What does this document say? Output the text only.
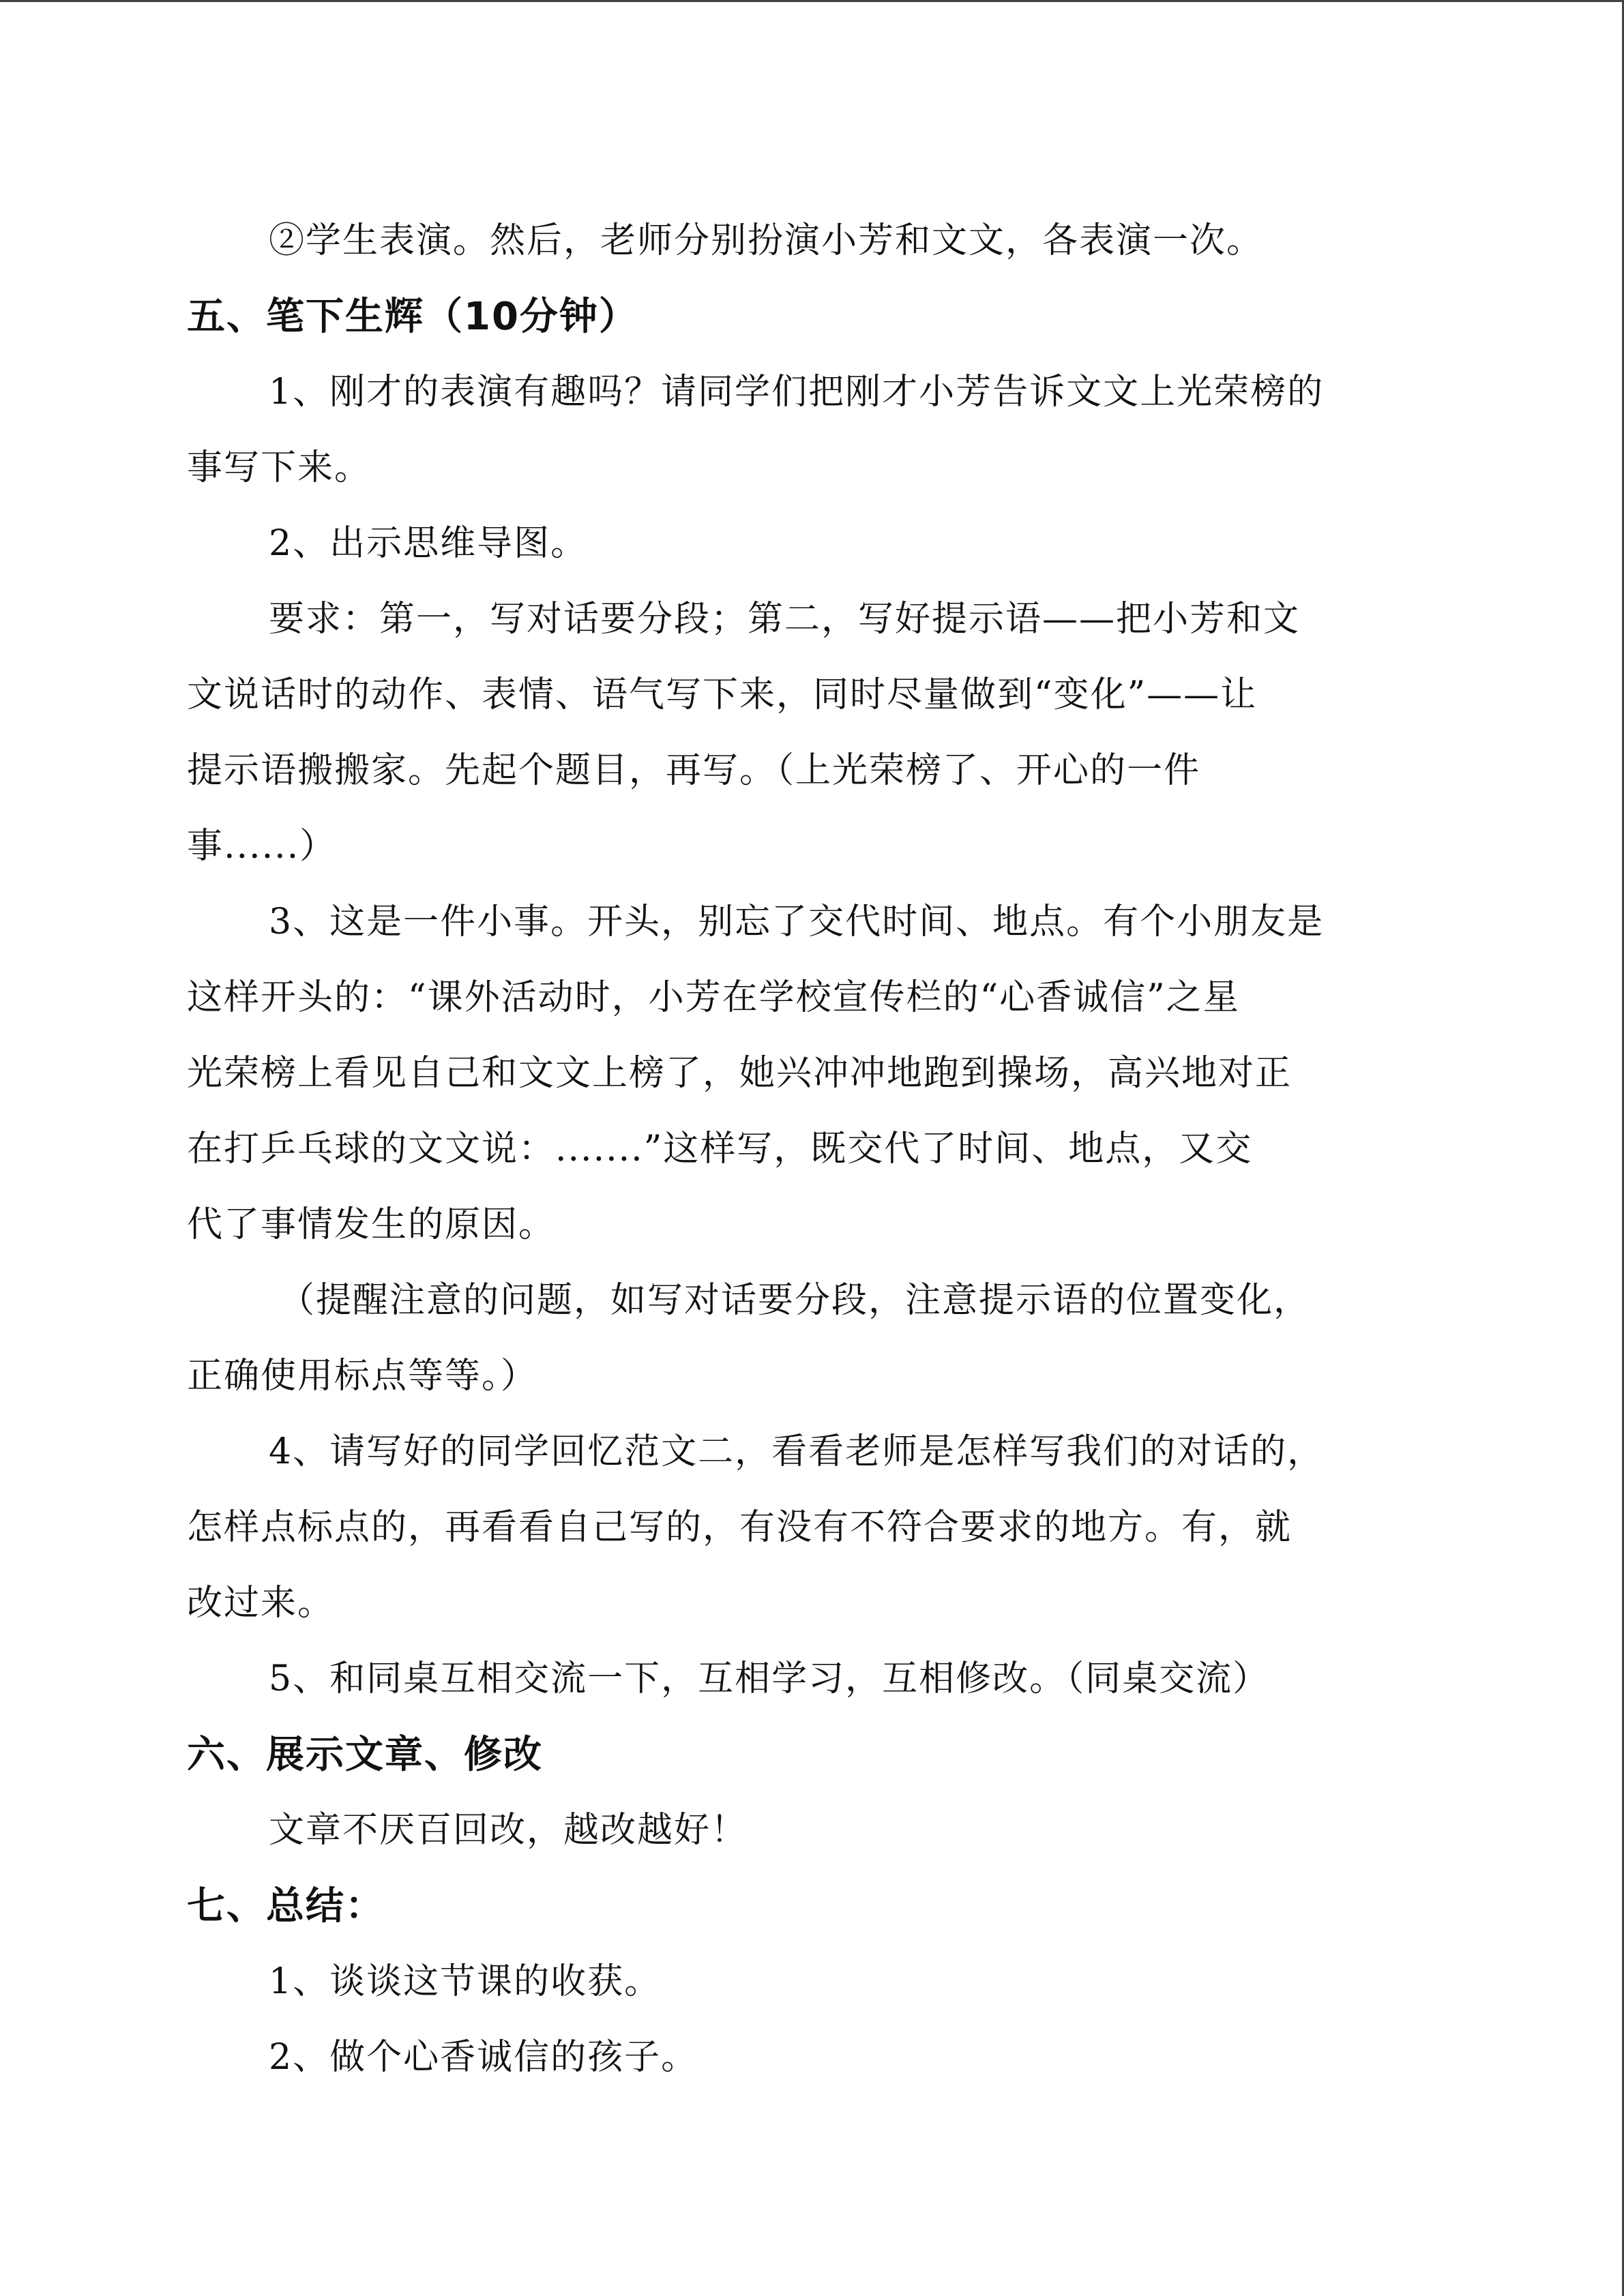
②学生表演。然后，老师分别扮演小芳和文文，各表演一次。

五、笔下生辉（10分钟）

1、刚才的表演有趣吗？请同学们把刚才小芳告诉文文上光荣榜的

事写下来。

2、出示思维导图。

要求：第一，写对话要分段；第二，写好提示语——把小芳和文

文说话时的动作、表情、语气写下来，同时尽量做到“变化”——让

提示语搬搬家。先起个题目，再写。（上光荣榜了、开心的一件

事......）

3、这是一件小事。开头，别忘了交代时间、地点。有个小朋友是

这样开头的：“课外活动时，小芳在学校宣传栏的“心香诚信”之星

光荣榜上看见自己和文文上榜了，她兴冲冲地跑到操场，高兴地对正

在打乒乓球的文文说：.......”这样写，既交代了时间、地点，又交

代了事情发生的原因。

（提醒注意的问题，如写对话要分段，注意提示语的位置变化，

正确使用标点等等。）

4、请写好的同学回忆范文二，看看老师是怎样写我们的对话的，

怎样点标点的，再看看自己写的，有没有不符合要求的地方。有，就

改过来。

5、和同桌互相交流一下，互相学习，互相修改。（同桌交流）

六、展示文章、修改

文章不厌百回改，越改越好！

七、总结：

1、谈谈这节课的收获。

2、做个心香诚信的孩子。
